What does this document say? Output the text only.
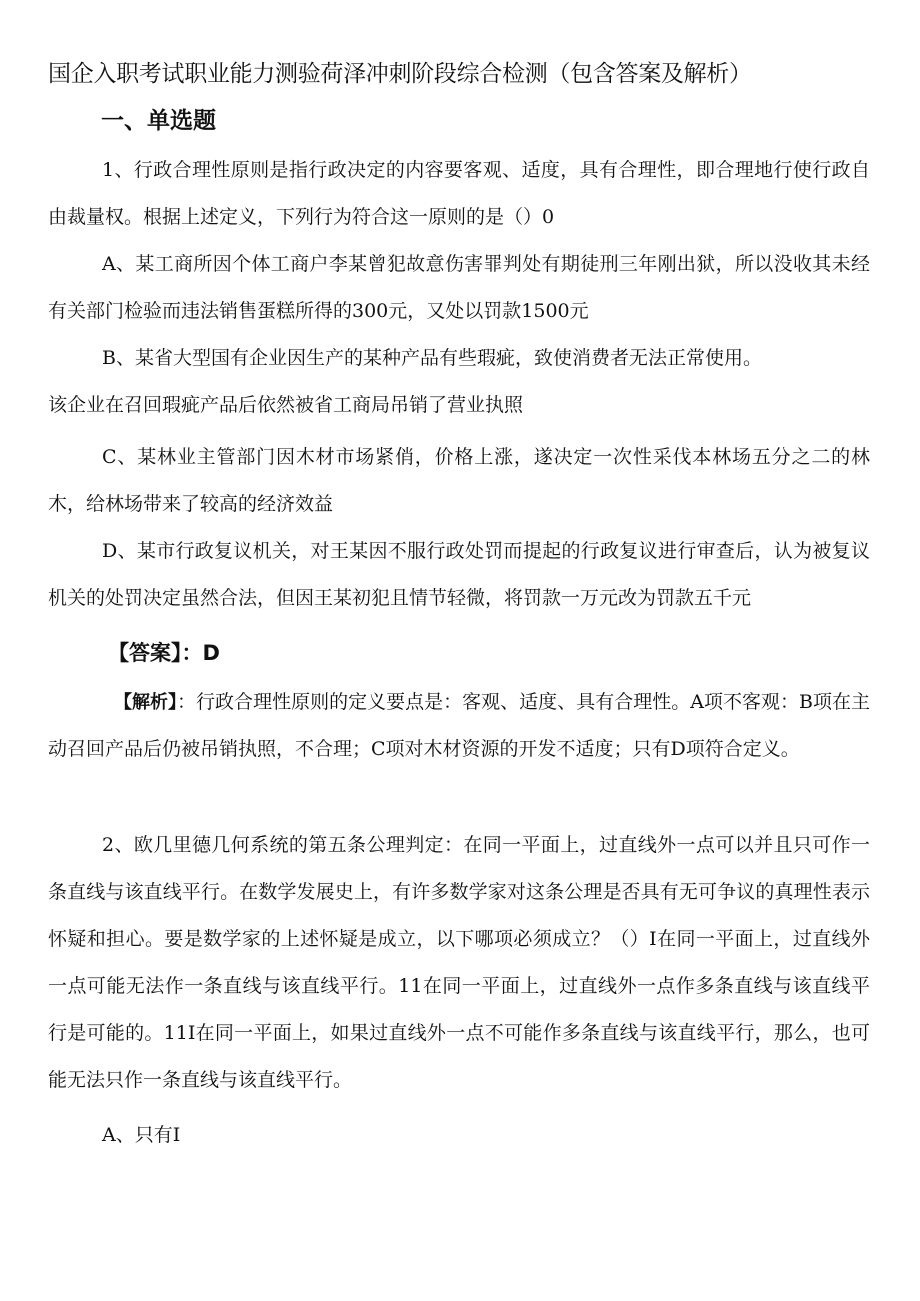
国企入职考试职业能力测验荷泽冲刺阶段综合检测（包含答案及解析）
一、单选题

1、行政合理性原则是指行政决定的内容要客观、适度，具有合理性，即合理地行使行政自由裁量权。根据上述定义，下列行为符合这一原则的是（）0

A、某工商所因个体工商户李某曾犯故意伤害罪判处有期徒刑三年刚出狱，所以没收其未经有关部门检验而违法销售蛋糕所得的300元，又处以罚款1500元

B、某省大型国有企业因生产的某种产品有些瑕疵，致使消费者无法正常使用。

该企业在召回瑕疵产品后依然被省工商局吊销了营业执照

C、某林业主管部门因木材市场紧俏，价格上涨，遂决定一次性采伐本林场五分之二的林木，给林场带来了较高的经济效益

D、某市行政复议机关，对王某因不服行政处罚而提起的行政复议进行审查后，认为被复议机关的处罚决定虽然合法，但因王某初犯且情节轻微，将罚款一万元改为罚款五千元

【答案】：D

【解析】：行政合理性原则的定义要点是：客观、适度、具有合理性。A项不客观：B项在主动召回产品后仍被吊销执照，不合理；C项对木材资源的开发不适度；只有D项符合定义。

2、欧几里德几何系统的第五条公理判定：在同一平面上，过直线外一点可以并且只可作一条直线与该直线平行。在数学发展史上，有许多数学家对这条公理是否具有无可争议的真理性表示怀疑和担心。要是数学家的上述怀疑是成立，以下哪项必须成立？（）I在同一平面上，过直线外一点可能无法作一条直线与该直线平行。11在同一平面上，过直线外一点作多条直线与该直线平行是可能的。11I在同一平面上，如果过直线外一点不可能作多条直线与该直线平行，那么，也可能无法只作一条直线与该直线平行。

A、只有I
